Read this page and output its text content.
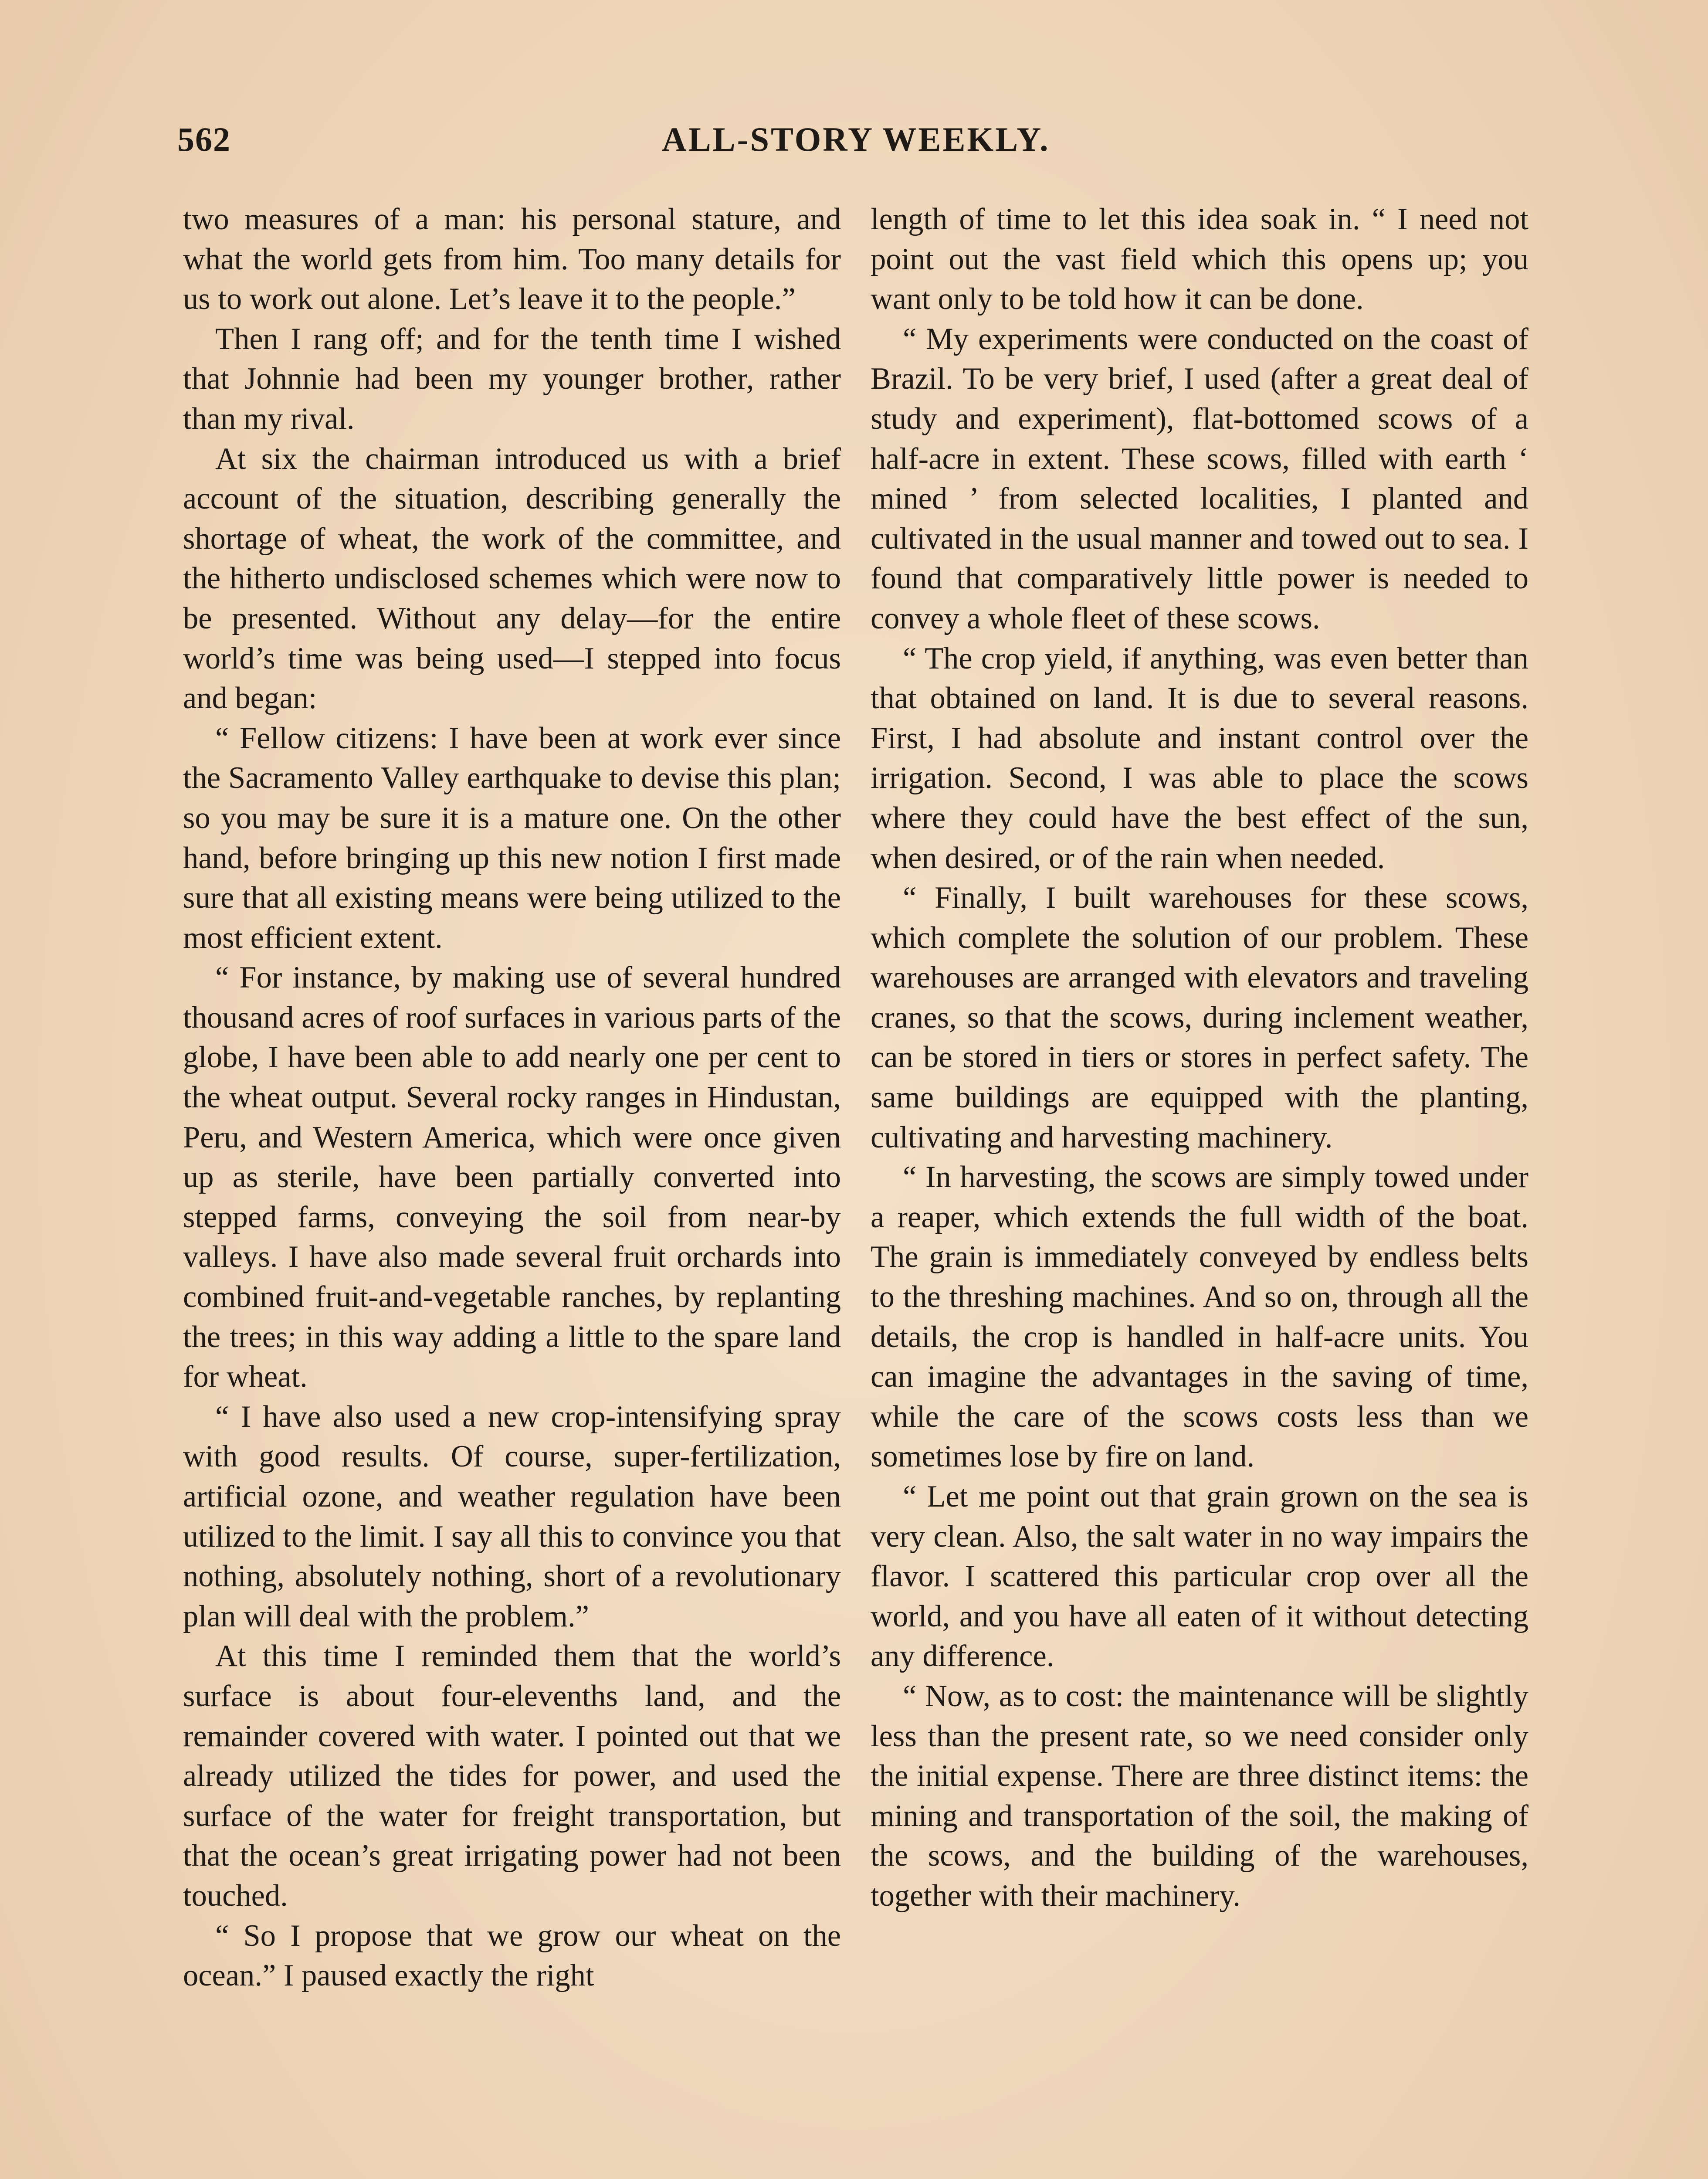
562	ALL-STORY WEEKLY.

two measures of a man: his personal stature, and what the world gets from him. Too many details for us to work out alone. Let’s leave it to the people.”

Then I rang off; and for the tenth time I wished that Johnnie had been my younger brother, rather than my rival.

At six the chairman introduced us with a brief account of the situation, describing generally the shortage of wheat, the work of the committee, and the hitherto undisclosed schemes which were now to be presented. Without any delay—for the entire world’s time was being used—I stepped into focus and began:

“ Fellow citizens: I have been at work ever since the Sacramento Valley earthquake to devise this plan; so you may be sure it is a mature one. On the other hand, before bringing up this new notion I first made sure that all existing means were being utilized to the most efficient extent.

“ For instance, by making use of several hundred thousand acres of roof surfaces in various parts of the globe, I have been able to add nearly one per cent to the wheat output. Several rocky ranges in Hindustan, Peru, and Western America, which were once given up as sterile, have been partially converted into stepped farms, conveying the soil from near-by valleys. I have also made several fruit orchards into combined fruit-and-vegetable ranches, by replanting the trees; in this way adding a little to the spare land for wheat.

“ I have also used a new crop-intensifying spray with good results. Of course, super-fertilization, artificial ozone, and weather regulation have been utilized to the limit. I say all this to convince you that nothing, absolutely nothing, short of a revolutionary plan will deal with the problem.”

At this time I reminded them that the world’s surface is about four-elevenths land, and the remainder covered with water. I pointed out that we already utilized the tides for power, and used the surface of the water for freight transportation, but that the ocean’s great irrigating power had not been touched.

“ So I propose that we grow our wheat on the ocean.” I paused exactly the right

length of time to let this idea soak in. “ I need not point out the vast field which this opens up; you want only to be told how it can be done.

“ My experiments were conducted on the coast of Brazil. To be very brief, I used (after a great deal of study and experiment), flat-bottomed scows of a half-acre in extent. These scows, filled with earth ‘ mined ’ from selected localities, I planted and cultivated in the usual manner and towed out to sea. I found that comparatively little power is needed to convey a whole fleet of these scows.

“ The crop yield, if anything, was even better than that obtained on land. It is due to several reasons. First, I had absolute and instant control over the irrigation. Second, I was able to place the scows where they could have the best effect of the sun, when desired, or of the rain when needed.

“ Finally, I built warehouses for these scows, which complete the solution of our problem. These warehouses are arranged with elevators and traveling cranes, so that the scows, during inclement weather, can be stored in tiers or stores in perfect safety. The same buildings are equipped with the planting, cultivating and harvesting machinery.

“ In harvesting, the scows are simply towed under a reaper, which extends the full width of the boat. The grain is immediately conveyed by endless belts to the threshing machines. And so on, through all the details, the crop is handled in half-acre units. You can imagine the advantages in the saving of time, while the care of the scows costs less than we sometimes lose by fire on land.

“ Let me point out that grain grown on the sea is very clean. Also, the salt water in no way impairs the flavor. I scattered this particular crop over all the world, and you have all eaten of it without detecting any difference.

“ Now, as to cost: the maintenance will be slightly less than the present rate, so we need consider only the initial expense. There are three distinct items: the mining and transportation of the soil, the making of the scows, and the building of the warehouses, together with their machinery.
